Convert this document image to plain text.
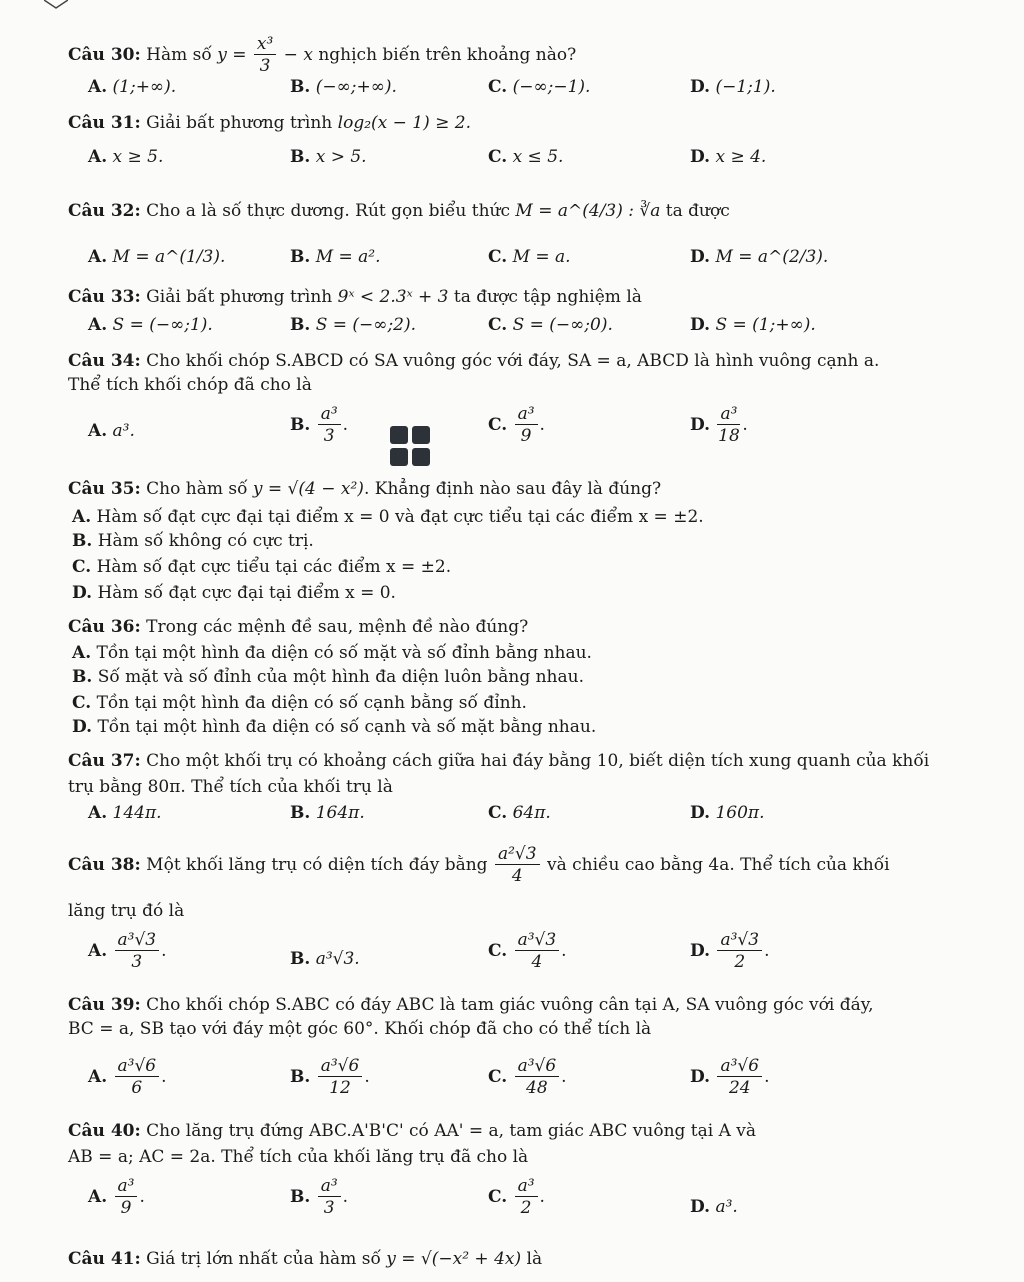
Câu 30: Hàm số $y = \frac{\text{x³}}{3} - x$ nghịch biến trên khoảng nào?
A. (1;+∞).	B. (−∞;+∞).	C. (−∞;−1).	D. (−1;1).
Câu 31: Giải bất phương trình log₂(x − 1) ≥ 2.
A. x ≥ 5.	B. x > 5.	C. x ≤ 5.	D. x ≥ 4.
Câu 32: Cho a là số thực dương. Rút gọn biểu thức M = a^(4/3) : ∛a ta được
A. M = a^(1/3).	B. M = a².	C. M = a.	D. M = a^(2/3).
Câu 33: Giải bất phương trình 9ˣ < 2.3ˣ + 3 ta được tập nghiệm là
A. S = (−∞;1).	B. S = (−∞;2).	C. S = (−∞;0).	D. S = (1;+∞).
Câu 34: Cho khối chóp S.ABCD có SA vuông góc với đáy, SA = a, ABCD là hình vuông cạnh a.
Thể tích khối chóp đã cho là
A. a³.	B. $\frac{\text{a³}}{3}$ .	C. $\frac{\text{a³}}{9}$ .	D. $\frac{\text{a³}}{18}$ .
Câu 35: Cho hàm số y = √(4 − x²). Khẳng định nào sau đây là đúng?
A. Hàm số đạt cực đại tại điểm x = 0 và đạt cực tiểu tại các điểm x = ±2.
B. Hàm số không có cực trị.
C. Hàm số đạt cực tiểu tại các điểm x = ±2.
D. Hàm số đạt cực đại tại điểm x = 0.
Câu 36: Trong các mệnh đề sau, mệnh đề nào đúng?
A. Tồn tại một hình đa diện có số mặt và số đỉnh bằng nhau.
B. Số mặt và số đỉnh của một hình đa diện luôn bằng nhau.
C. Tồn tại một hình đa diện có số cạnh bằng số đỉnh.
D. Tồn tại một hình đa diện có số cạnh và số mặt bằng nhau.
Câu 37: Cho một khối trụ có khoảng cách giữa hai đáy bằng 10, biết diện tích xung quanh của khối
trụ bằng 80π. Thể tích của khối trụ là
A. 144π.	B. 164π.	C. 64π.	D. 160π.
Câu 38: Một khối lăng trụ có diện tích đáy bằng $\frac{\text{a²√3}}{4}$ và chiều cao bằng 4a. Thể tích của khối
lăng trụ đó là
A. $\frac{\text{a³√3}}{3}$ .	B. a³√3.	C. $\frac{\text{a³√3}}{4}$ .	D. $\frac{\text{a³√3}}{2}$ .
Câu 39: Cho khối chóp S.ABC có đáy ABC là tam giác vuông cân tại A, SA vuông góc với đáy,
BC = a, SB tạo với đáy một góc 60°. Khối chóp đã cho có thể tích là
A. $\frac{\text{a³√6}}{6}$ .	B. $\frac{\text{a³√6}}{12}$ .	C. $\frac{\text{a³√6}}{48}$ .	D. $\frac{\text{a³√6}}{24}$ .
Câu 40: Cho lăng trụ đứng ABC.A'B'C' có AA' = a, tam giác ABC vuông tại A và
AB = a; AC = 2a. Thể tích của khối lăng trụ đã cho là
A. $\frac{\text{a³}}{9}$ .	B. $\frac{\text{a³}}{3}$ .	C. $\frac{\text{a³}}{2}$ .	D. a³.
Câu 41: Giá trị lớn nhất của hàm số y = √(−x² + 4x) là
